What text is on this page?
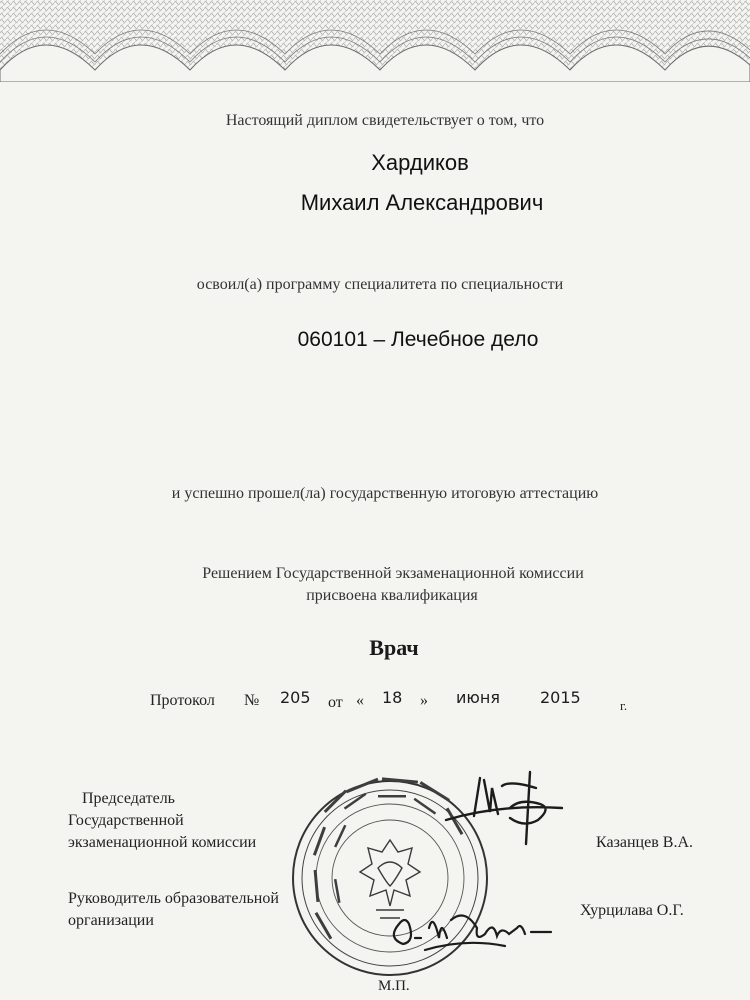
Настоящий диплом свидетельствует о том, что
Хардиков
Михаил Александрович
освоил(а) программу специалитета по специальности
060101 – Лечебное дело
и успешно прошел(ла) государственную итоговую аттестацию
Решением Государственной экзаменационной комиссии
присвоена квалификация
Врач
Протокол № 205 от « 18 » июня	2015	г.
Председатель
Государственной
экзаменационной комиссии	Казанцев В.А.
Руководитель образовательной
организации
Хурцилава О.Г.
М.П.
